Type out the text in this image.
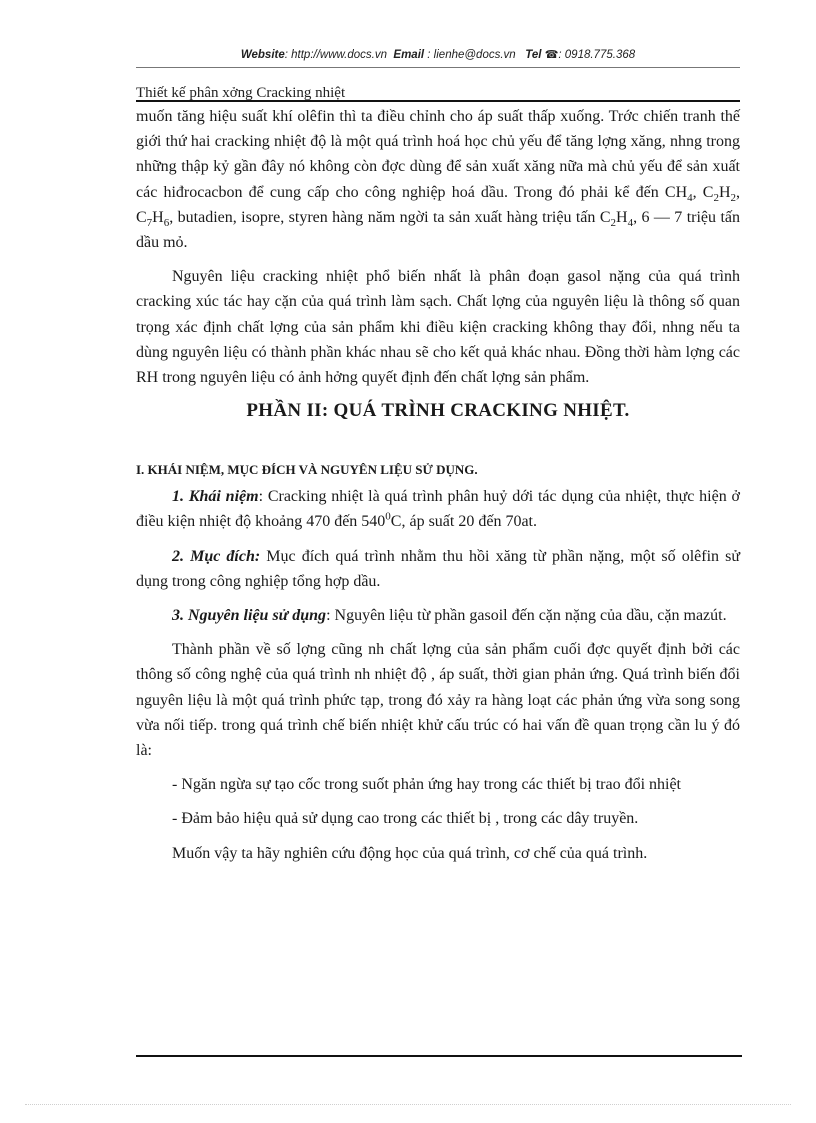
Website: http://www.docs.vn Email : lienhe@docs.vn Tel ☎: 0918.775.368
Thiết kế phân xởng Cracking nhiệt

muốn tăng hiệu suất khí olêfin thì ta điều chỉnh cho áp suất thấp xuống. Trớc chiến tranh thế giới thứ hai cracking nhiệt độ là một quá trình hoá học chủ yếu để tăng lợng xăng, nhng trong những thập kỷ gần đây nó không còn đợc dùng để sản xuất xăng nữa mà chủ yếu để sản xuất các hiđrocacbon để cung cấp cho công nghiệp hoá dầu. Trong đó phải kể đến $CH_4$, $C_2H_2$, $C_7H_6$, butadien, isopre, styren hàng năm ngời ta sản xuất hàng triệu tấn $C_2H_4$, 6 — 7 triệu tấn dầu mỏ.

Nguyên liệu cracking nhiệt phổ biến nhất là phân đoạn gasol nặng của quá trình cracking xúc tác hay cặn của quá trình làm sạch. Chất lợng của nguyên liệu là thông số quan trọng xác định chất lợng của sản phẩm khi điều kiện cracking không thay đổi, nhng nếu ta dùng nguyên liệu có thành phần khác nhau sẽ cho kết quả khác nhau. Đồng thời hàm lợng các RH trong nguyên liệu có ảnh hởng quyết định đến chất lợng sản phẩm.

PHẦN II: QUÁ TRÌNH CRACKING NHIỆT.

I. KHÁI NIỆM, MỤC ĐÍCH VÀ NGUYÊN LIỆU SỬ DỤNG.

1. Khái niệm: Cracking nhiệt là quá trình phân huỷ dới tác dụng của nhiệt, thực hiện ở điều kiện nhiệt độ khoảng 470 đến $540^0C$, áp suất 20 đến 70at.

2. Mục đích: Mục đích quá trình nhằm thu hồi xăng từ phần nặng, một số olêfin sử dụng trong công nghiệp tổng hợp dầu.

3. Nguyên liệu sử dụng: Nguyên liệu từ phần gasoil đến cặn nặng của dầu, cặn mazút.

Thành phần về số lợng cũng nh chất lợng của sản phẩm cuối đợc quyết định bởi các thông số công nghệ của quá trình nh nhiệt độ , áp suất, thời gian phản ứng. Quá trình biến đổi nguyên liệu là một quá trình phức tạp, trong đó xảy ra hàng loạt các phản ứng vừa song song vừa nối tiếp. trong quá trình chế biến nhiệt khử cấu trúc có hai vấn đề quan trọng cần lu ý đó là:

- Ngăn ngừa sự tạo cốc trong suốt phản ứng hay trong các thiết bị trao đổi nhiệt

- Đảm bảo hiệu quả sử dụng cao trong các thiết bị , trong các dây truyền.

Muốn vậy ta hãy nghiên cứu động học của quá trình, cơ chế của quá trình.
